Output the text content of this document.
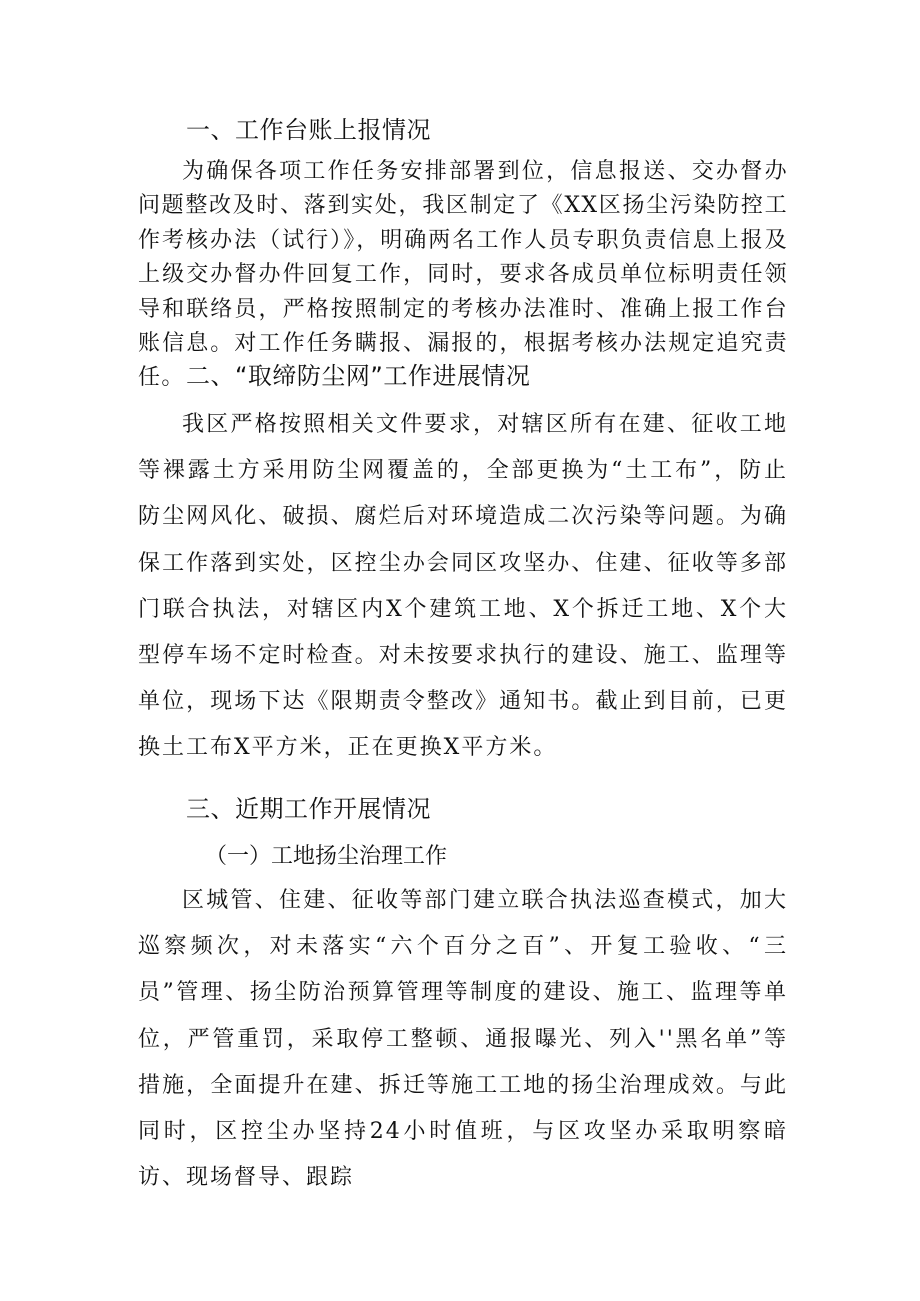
一、工作台账上报情况

为确保各项工作任务安排部署到位，信息报送、交办督办问题整改及时、落到实处，我区制定了《XX区扬尘污染防控工作考核办法（试行）》，明确两名工作人员专职负责信息上报及上级交办督办件回复工作，同时，要求各成员单位标明责任领导和联络员，严格按照制定的考核办法准时、准确上报工作台账信息。对工作任务瞒报、漏报的，根据考核办法规定追究责任。 二、“取缔防尘网”工作进展情况

我区严格按照相关文件要求，对辖区所有在建、征收工地等裸露土方采用防尘网覆盖的，全部更换为“土工布”，防止防尘网风化、破损、腐烂后对环境造成二次污染等问题。为确保工作落到实处，区控尘办会同区攻坚办、住建、征收等多部门联合执法，对辖区内X个建筑工地、X个拆迁工地、X个大型停车场不定时检查。对未按要求执行的建设、施工、监理等单位，现场下达《限期责令整改》通知书。截止到目前，已更换土工布X平方米，正在更换X平方米。

三、近期工作开展情况
（一）工地扬尘治理工作

区城管、住建、征收等部门建立联合执法巡查模式，加大巡察频次，对未落实“六个百分之百”、开复工验收、“三员”管理、扬尘防治预算管理等制度的建设、施工、监理等单位，严管重罚，采取停工整顿、通报曝光、列入''黑名单”等措施，全面提升在建、拆迁等施工工地的扬尘治理成效。与此同时，区控尘办坚持24小时值班，与区攻坚办采取明察暗访、现场督导、跟踪
